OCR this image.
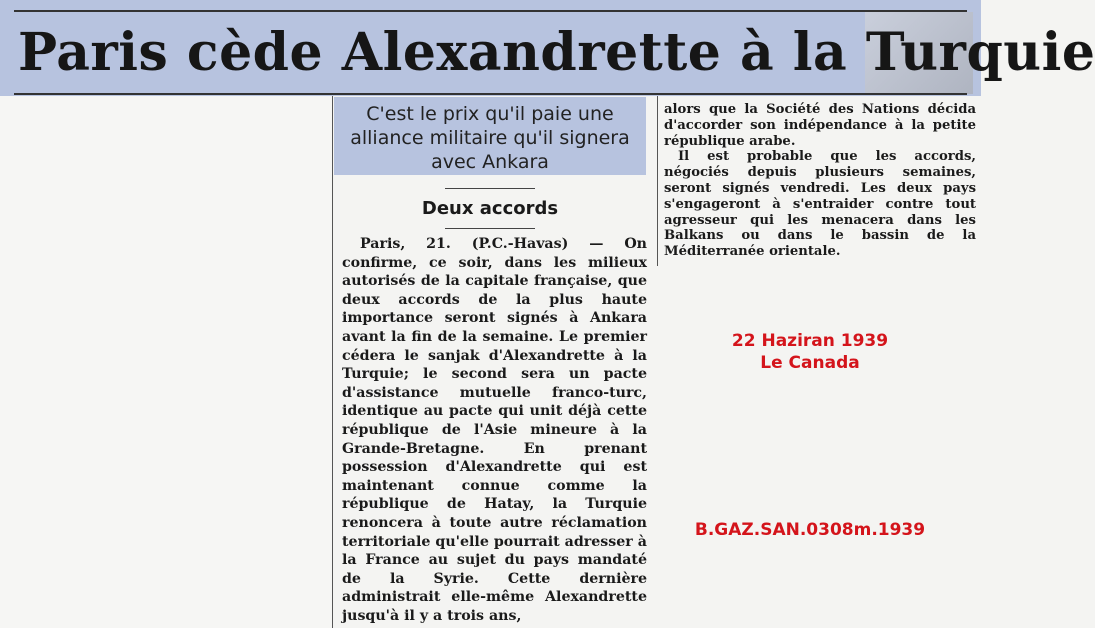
Paris cède Alexandrette à la Turquie
C'est le prix qu'il paie une alliance militaire qu'il signera avec Ankara
Deux accords
Paris, 21. (P.C.-Havas) — On confirme, ce soir, dans les milieux autorisés de la capitale française, que deux accords de la plus haute importance seront signés à Ankara avant la fin de la semaine. Le premier cédera le sanjak d'Alexandrette à la Turquie; le second sera un pacte d'assistance mutuelle franco-turc, identique au pacte qui unit déjà cette république de l'Asie mineure à la Grande-Bretagne. En prenant possession d'Alexandrette qui est maintenant connue comme la république de Hatay, la Turquie renoncera à toute autre réclamation territoriale qu'elle pourrait adresser à la France au sujet du pays mandaté de la Syrie. Cette dernière administrait elle-même Alexandrette jusqu'à il y a trois ans,

alors que la Société des Nations décida d'accorder son indépendance à la petite république arabe.

Il est probable que les accords, négociés depuis plusieurs semaines, seront signés vendredi. Les deux pays s'engageront à s'entraider contre tout agresseur qui les menacera dans les Balkans ou dans le bassin de la Méditerranée orientale.

22 Haziran 1939
Le Canada
B.GAZ.SAN.0308m.1939
